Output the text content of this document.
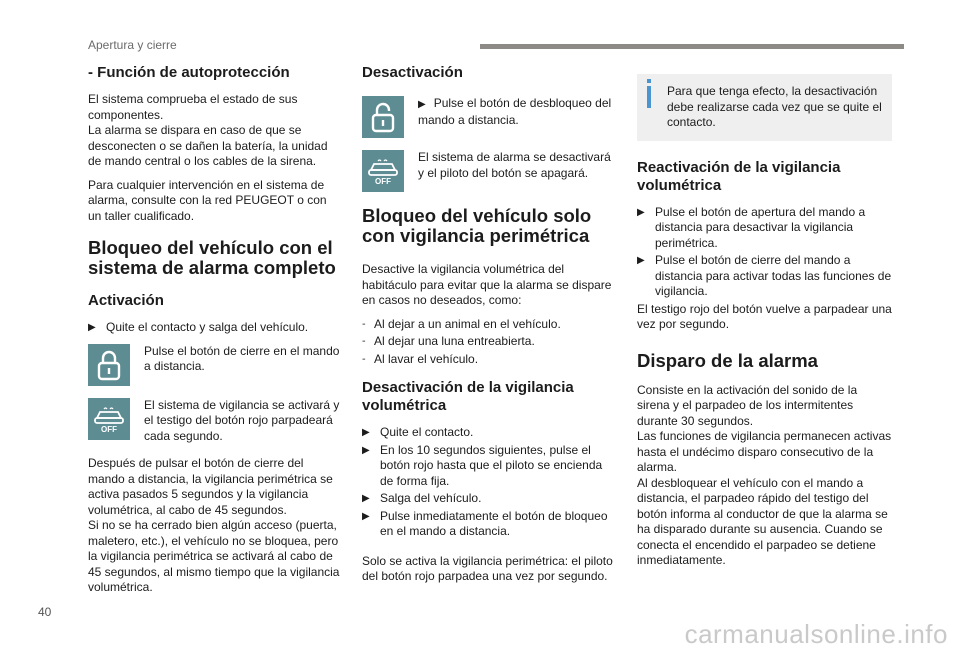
Apertura y cierre
- Función de autoprotección

El sistema comprueba el estado de sus componentes.
La alarma se dispara en caso de que se desconecten o se dañen la batería, la unidad de mando central o los cables de la sirena.

Para cualquier intervención en el sistema de alarma, consulte con la red PEUGEOT o con un taller cualificado.

Bloqueo del vehículo con el sistema de alarma completo
Activación
▶ Quite el contacto y salga del vehículo.
Pulse el botón de cierre en el mando a distancia.
OFF
El sistema de vigilancia se activará y el testigo del botón rojo parpadeará cada segundo.

Después de pulsar el botón de cierre del mando a distancia, la vigilancia perimétrica se activa pasados 5 segundos y la vigilancia volumétrica, al cabo de 45 segundos.
Si no se ha cerrado bien algún acceso (puerta, maletero, etc.), el vehículo no se bloquea, pero la vigilancia perimétrica se activará al cabo de 45 segundos, al mismo tiempo que la vigilancia volumétrica.

Desactivación
▶ Pulse el botón de desbloqueo del mando a distancia.
OFF
El sistema de alarma se desactivará y el piloto del botón se apagará.
Bloqueo del vehículo solo con vigilancia perimétrica

Desactive la vigilancia volumétrica del habitáculo para evitar que la alarma se dispare en casos no deseados, como:

- Al dejar a un animal en el vehículo.
- Al dejar una luna entreabierta.
- Al lavar el vehículo.
Desactivación de la vigilancia volumétrica
▶ Quite el contacto.
▶ En los 10 segundos siguientes, pulse el botón rojo hasta que el piloto se encienda de forma fija.
▶ Salga del vehículo.
▶ Pulse inmediatamente el botón de bloqueo en el mando a distancia.

Solo se activa la vigilancia perimétrica: el piloto del botón rojo parpadea una vez por segundo.

Para que tenga efecto, la desactivación debe realizarse cada vez que se quite el contacto.

Reactivación de la vigilancia volumétrica
▶ Pulse el botón de apertura del mando a distancia para desactivar la vigilancia perimétrica.
▶ Pulse el botón de cierre del mando a distancia para activar todas las funciones de vigilancia.

El testigo rojo del botón vuelve a parpadear una vez por segundo.

Disparo de la alarma

Consiste en la activación del sonido de la sirena y el parpadeo de los intermitentes durante 30 segundos.
Las funciones de vigilancia permanecen activas hasta el undécimo disparo consecutivo de la alarma.
Al desbloquear el vehículo con el mando a distancia, el parpadeo rápido del testigo del botón informa al conductor de que la alarma se ha disparado durante su ausencia. Cuando se conecta el encendido el parpadeo se detiene inmediatamente.

40
carmanualsonline.info
